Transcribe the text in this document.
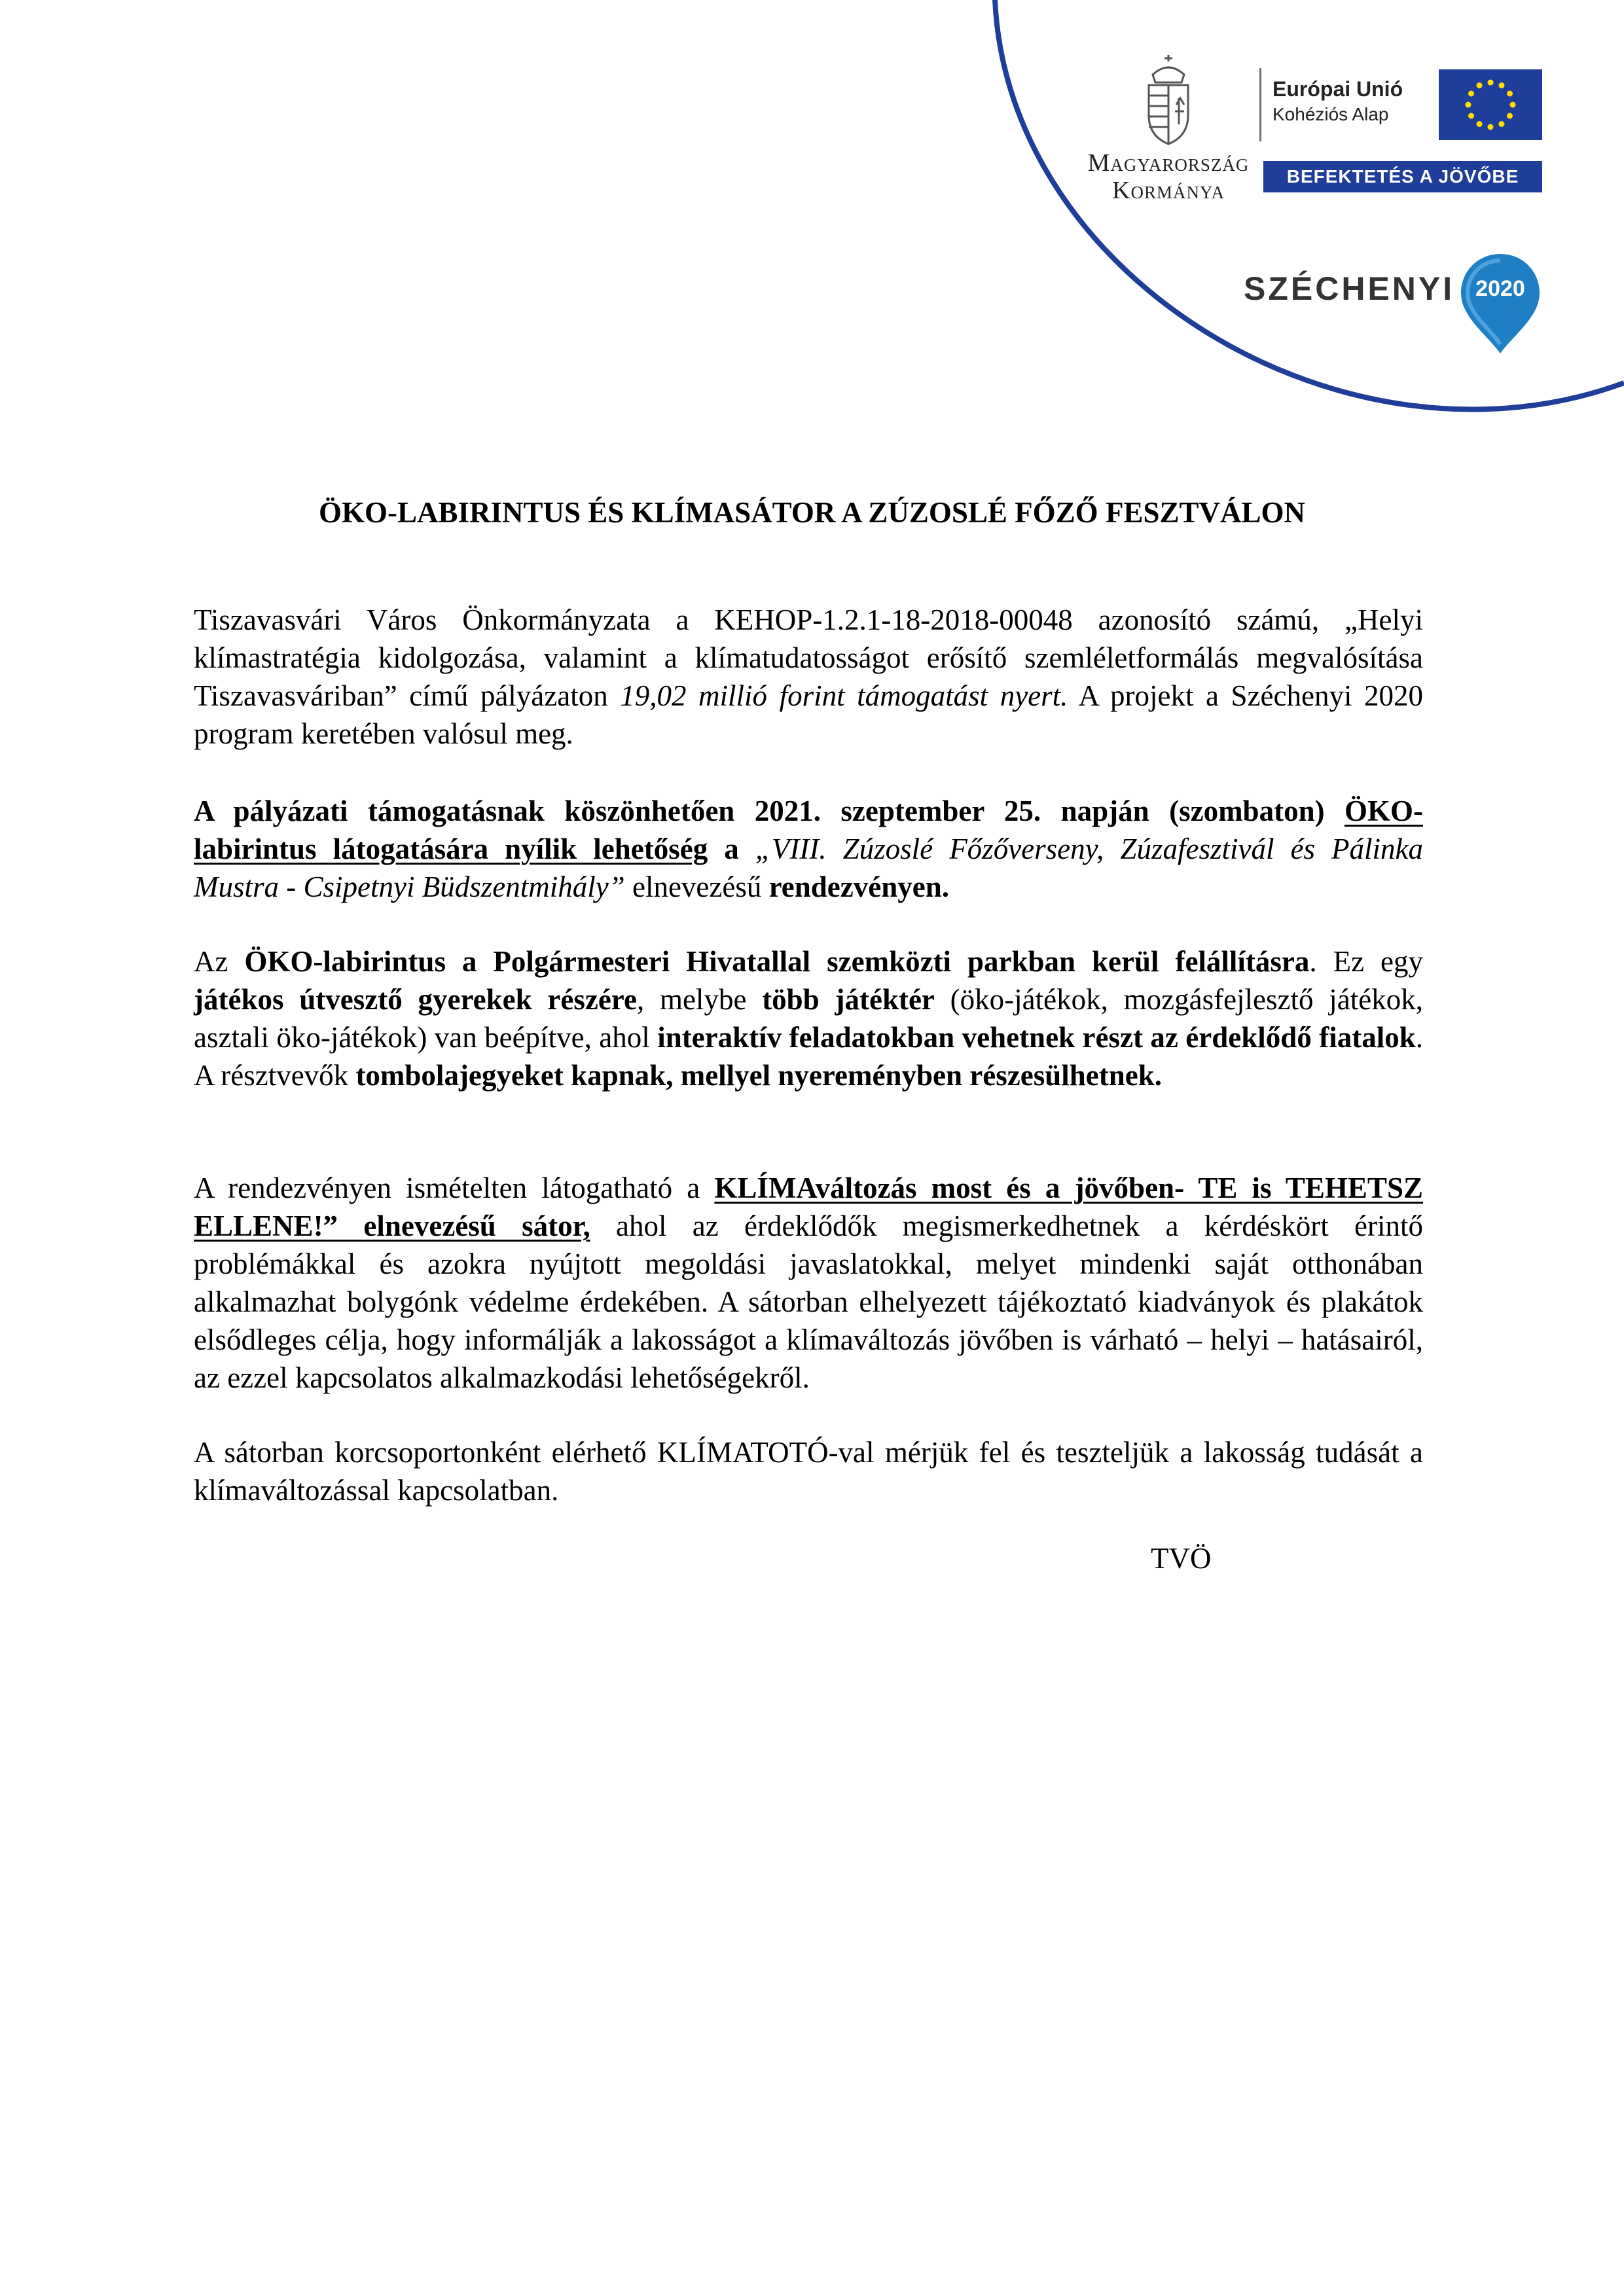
Magyarország
Kormánya
Európai Unió
Kohéziós Alap
BEFEKTETÉS A JÖVŐBE
SZÉCHENYI 2020
ÖKO-LABIRINTUS ÉS KLÍMASÁTOR A ZÚZOSLÉ FŐZŐ FESZTVÁLON

Tiszavasvári Város Önkormányzata a KEHOP-1.2.1-18-2018-00048 azonosító számú, „Helyi klímastratégia kidolgozása, valamint a klímatudatosságot erősítő szemléletformálás megvalósítása Tiszavasváriban” című pályázaton 19,02 millió forint támogatást nyert. A projekt a Széchenyi 2020 program keretében valósul meg.

A pályázati támogatásnak köszönhetően 2021. szeptember 25. napján (szombaton) ÖKO-labirintus látogatására nyílik lehetőség a „VIII. Zúzoslé Főzőverseny, Zúzafesztivál és Pálinka Mustra - Csipetnyi Büdszentmihály” elnevezésű rendezvényen.

Az ÖKO-labirintus a Polgármesteri Hivatallal szemközti parkban kerül felállításra. Ez egy játékos útvesztő gyerekek részére, melybe több játéktér (öko-játékok, mozgásfejlesztő játékok, asztali öko-játékok) van beépítve, ahol interaktív feladatokban vehetnek részt az érdeklődő fiatalok. A résztvevők tombolajegyeket kapnak, mellyel nyereményben részesülhetnek.

A rendezvényen ismételten látogatható a KLÍMAváltozás most és a jövőben- TE is TEHETSZ ELLENE!” elnevezésű sátor, ahol az érdeklődők megismerkedhetnek a kérdéskört érintő problémákkal és azokra nyújtott megoldási javaslatokkal, melyet mindenki saját otthonában alkalmazhat bolygónk védelme érdekében. A sátorban elhelyezett tájékoztató kiadványok és plakátok elsődleges célja, hogy informálják a lakosságot a klímaváltozás jövőben is várható – helyi – hatásairól, az ezzel kapcsolatos alkalmazkodási lehetőségekről.

A sátorban korcsoportonként elérhető KLÍMATOTÓ-val mérjük fel és teszteljük a lakosság tudását a klímaváltozással kapcsolatban.

TVÖ
